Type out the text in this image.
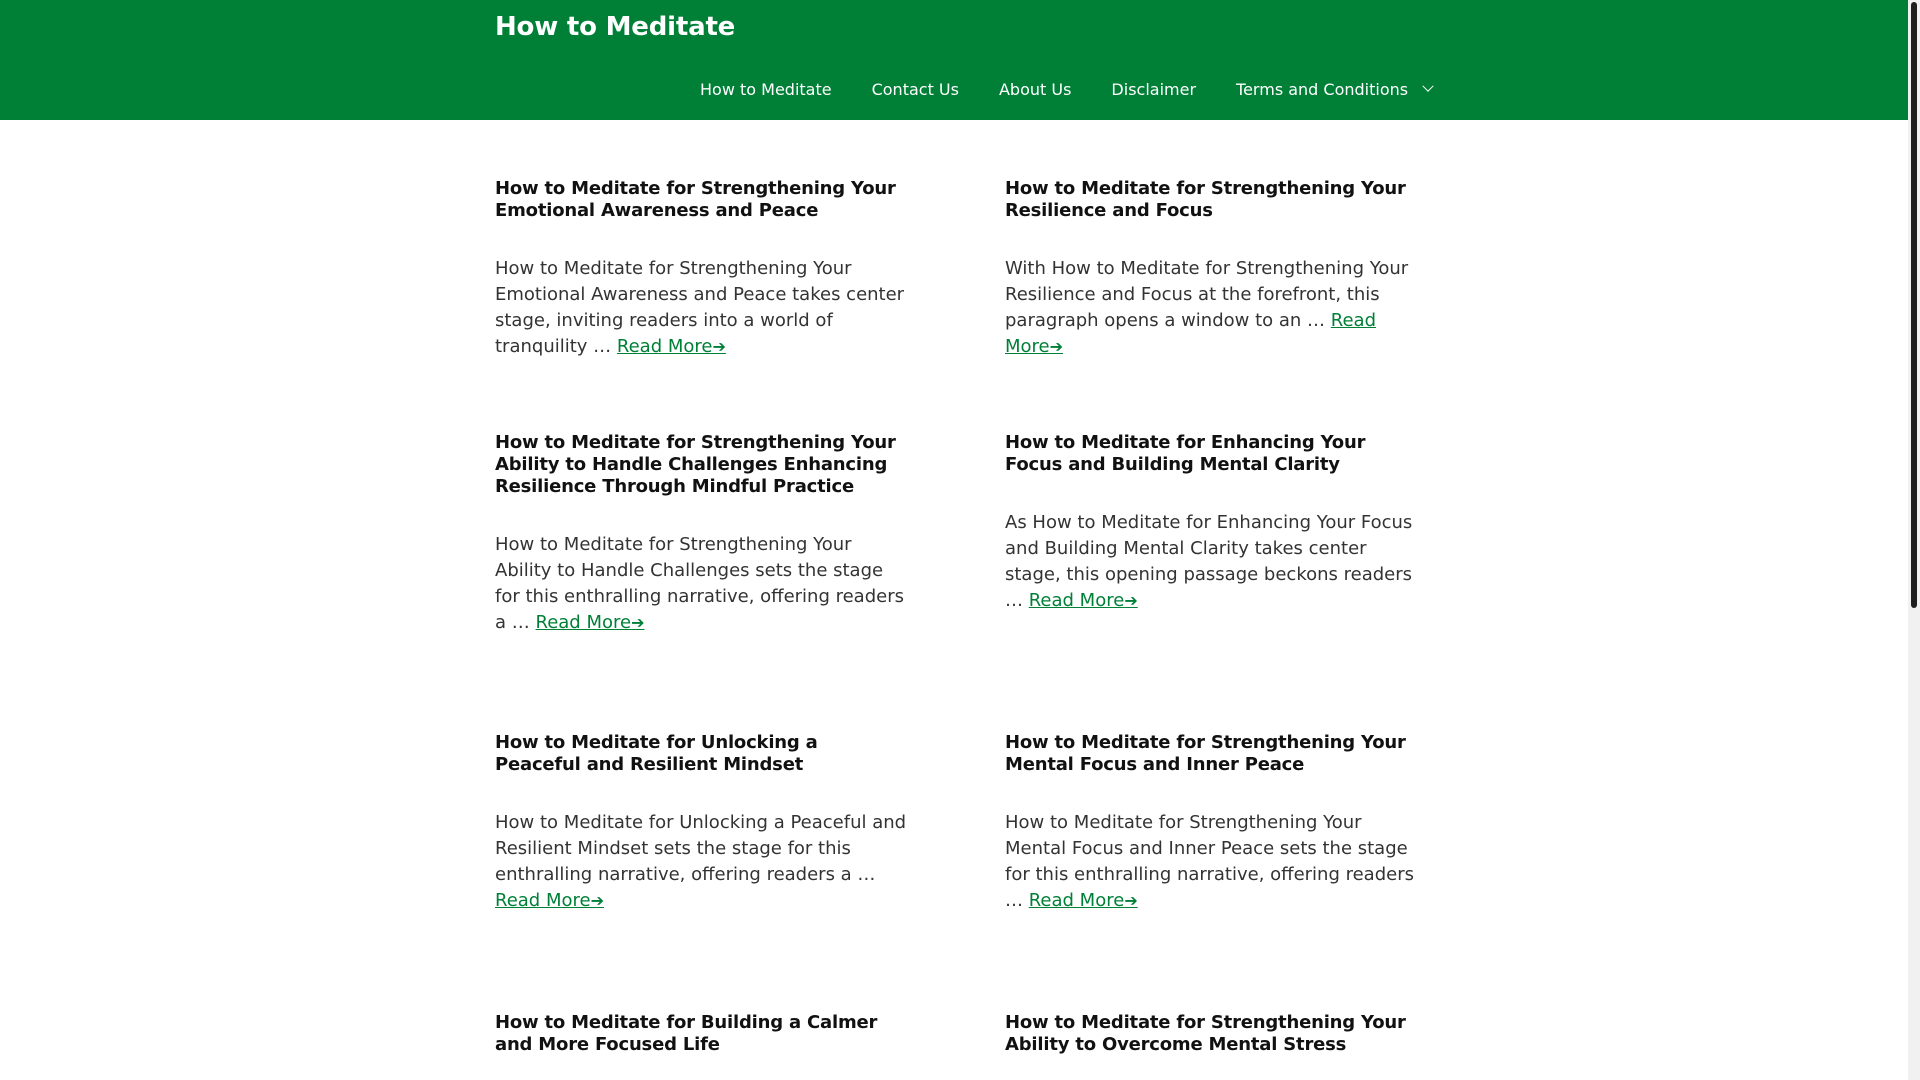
How to Meditate
How to Meditate	Contact Us	About Us	Disclaimer	Terms and Conditions
How to Meditate for Strengthening Your Emotional Awareness and Peace

How to Meditate for Strengthening Your Emotional Awareness and Peace takes center stage, inviting readers into a world of tranquility … Read More➔

How to Meditate for Strengthening Your Resilience and Focus

With How to Meditate for Strengthening Your Resilience and Focus at the forefront, this paragraph opens a window to an … Read More➔

How to Meditate for Strengthening Your Ability to Handle Challenges Enhancing Resilience Through Mindful Practice

How to Meditate for Strengthening Your Ability to Handle Challenges sets the stage for this enthralling narrative, offering readers a … Read More➔

How to Meditate for Enhancing Your Focus and Building Mental Clarity

As How to Meditate for Enhancing Your Focus and Building Mental Clarity takes center stage, this opening passage beckons readers … Read More➔

How to Meditate for Unlocking a Peaceful and Resilient Mindset

How to Meditate for Unlocking a Peaceful and Resilient Mindset sets the stage for this enthralling narrative, offering readers a … Read More➔

How to Meditate for Strengthening Your Mental Focus and Inner Peace

How to Meditate for Strengthening Your Mental Focus and Inner Peace sets the stage for this enthralling narrative, offering readers … Read More➔

How to Meditate for Building a Calmer and More Focused Life
How to Meditate for Strengthening Your Ability to Overcome Mental Stress
